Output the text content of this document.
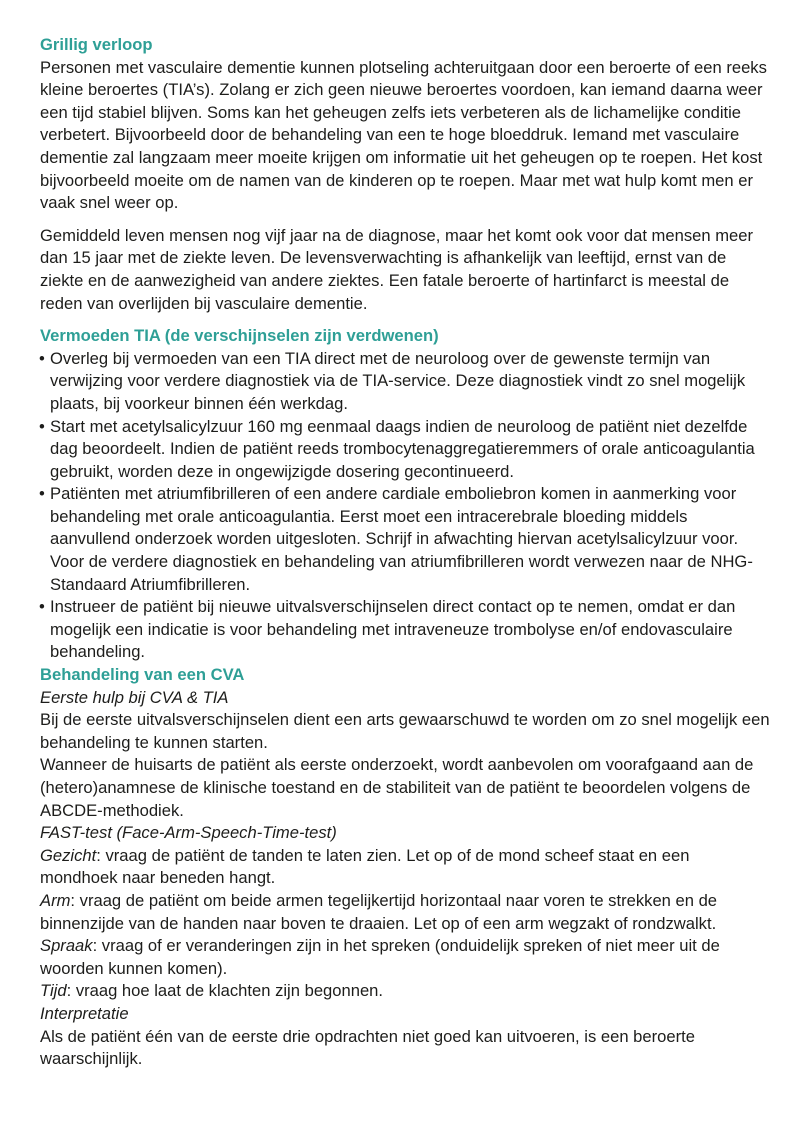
Grillig verloop

Personen met vasculaire dementie kunnen plotseling achteruitgaan door een beroerte of een reeks kleine beroertes (TIA’s). Zolang er zich geen nieuwe beroertes voordoen, kan iemand daarna weer een tijd stabiel blijven. Soms kan het geheugen zelfs iets verbeteren als de lichamelijke conditie verbetert. Bijvoorbeeld door de behandeling van een te hoge bloeddruk. Iemand met vasculaire dementie zal langzaam meer moeite krijgen om informatie uit het geheugen op te roepen. Het kost bijvoorbeeld moeite om de namen van de kinderen op te roepen. Maar met wat hulp komt men er vaak snel weer op.

Gemiddeld leven mensen nog vijf jaar na de diagnose, maar het komt ook voor dat mensen meer dan 15 jaar met de ziekte leven. De levensverwachting is afhankelijk van leeftijd, ernst van de ziekte en de aanwezigheid van andere ziektes. Een fatale beroerte of hartinfarct is meestal de reden van overlijden bij vasculaire dementie.

Vermoeden TIA (de verschijnselen zijn verdwenen)
• Overleg bij vermoeden van een TIA direct met de neuroloog over de gewenste termijn van verwijzing voor verdere diagnostiek via de TIA-service. Deze diagnostiek vindt zo snel mogelijk plaats, bij voorkeur binnen één werkdag.
• Start met acetylsalicylzuur 160 mg eenmaal daags indien de neuroloog de patiënt niet dezelfde dag beoordeelt. Indien de patiënt reeds trombocytenaggregatieremmers of orale anticoagulantia gebruikt, worden deze in ongewijzigde dosering gecontinueerd.
• Patiënten met atriumfibrilleren of een andere cardiale emboliebron komen in aanmerking voor behandeling met orale anticoagulantia. Eerst moet een intracerebrale bloeding middels aanvullend onderzoek worden uitgesloten. Schrijf in afwachting hiervan acetylsalicylzuur voor. Voor de verdere diagnostiek en behandeling van atriumfibrilleren wordt verwezen naar de NHG-Standaard Atriumfibrilleren.
• Instrueer de patiënt bij nieuwe uitvalsverschijnselen direct contact op te nemen, omdat er dan mogelijk een indicatie is voor behandeling met intraveneuze trombolyse en/of endovasculaire behandeling.
Behandeling van een CVA

Eerste hulp bij CVA & TIA

Bij de eerste uitvalsverschijnselen dient een arts gewaarschuwd te worden om zo snel mogelijk een behandeling te kunnen starten.

Wanneer de huisarts de patiënt als eerste onderzoekt, wordt aanbevolen om voorafgaand aan de (hetero)anamnese de klinische toestand en de stabiliteit van de patiënt te beoordelen volgens de ABCDE-methodiek.

FAST-test (Face-Arm-Speech-Time-test)

Gezicht: vraag de patiënt de tanden te laten zien. Let op of de mond scheef staat en een mondhoek naar beneden hangt.

Arm: vraag de patiënt om beide armen tegelijkertijd horizontaal naar voren te strekken en de binnenzijde van de handen naar boven te draaien. Let op of een arm wegzakt of rondzwalkt.

Spraak: vraag of er veranderingen zijn in het spreken (onduidelijk spreken of niet meer uit de woorden kunnen komen).

Tijd: vraag hoe laat de klachten zijn begonnen.

Interpretatie

Als de patiënt één van de eerste drie opdrachten niet goed kan uitvoeren, is een beroerte waarschijnlijk.
